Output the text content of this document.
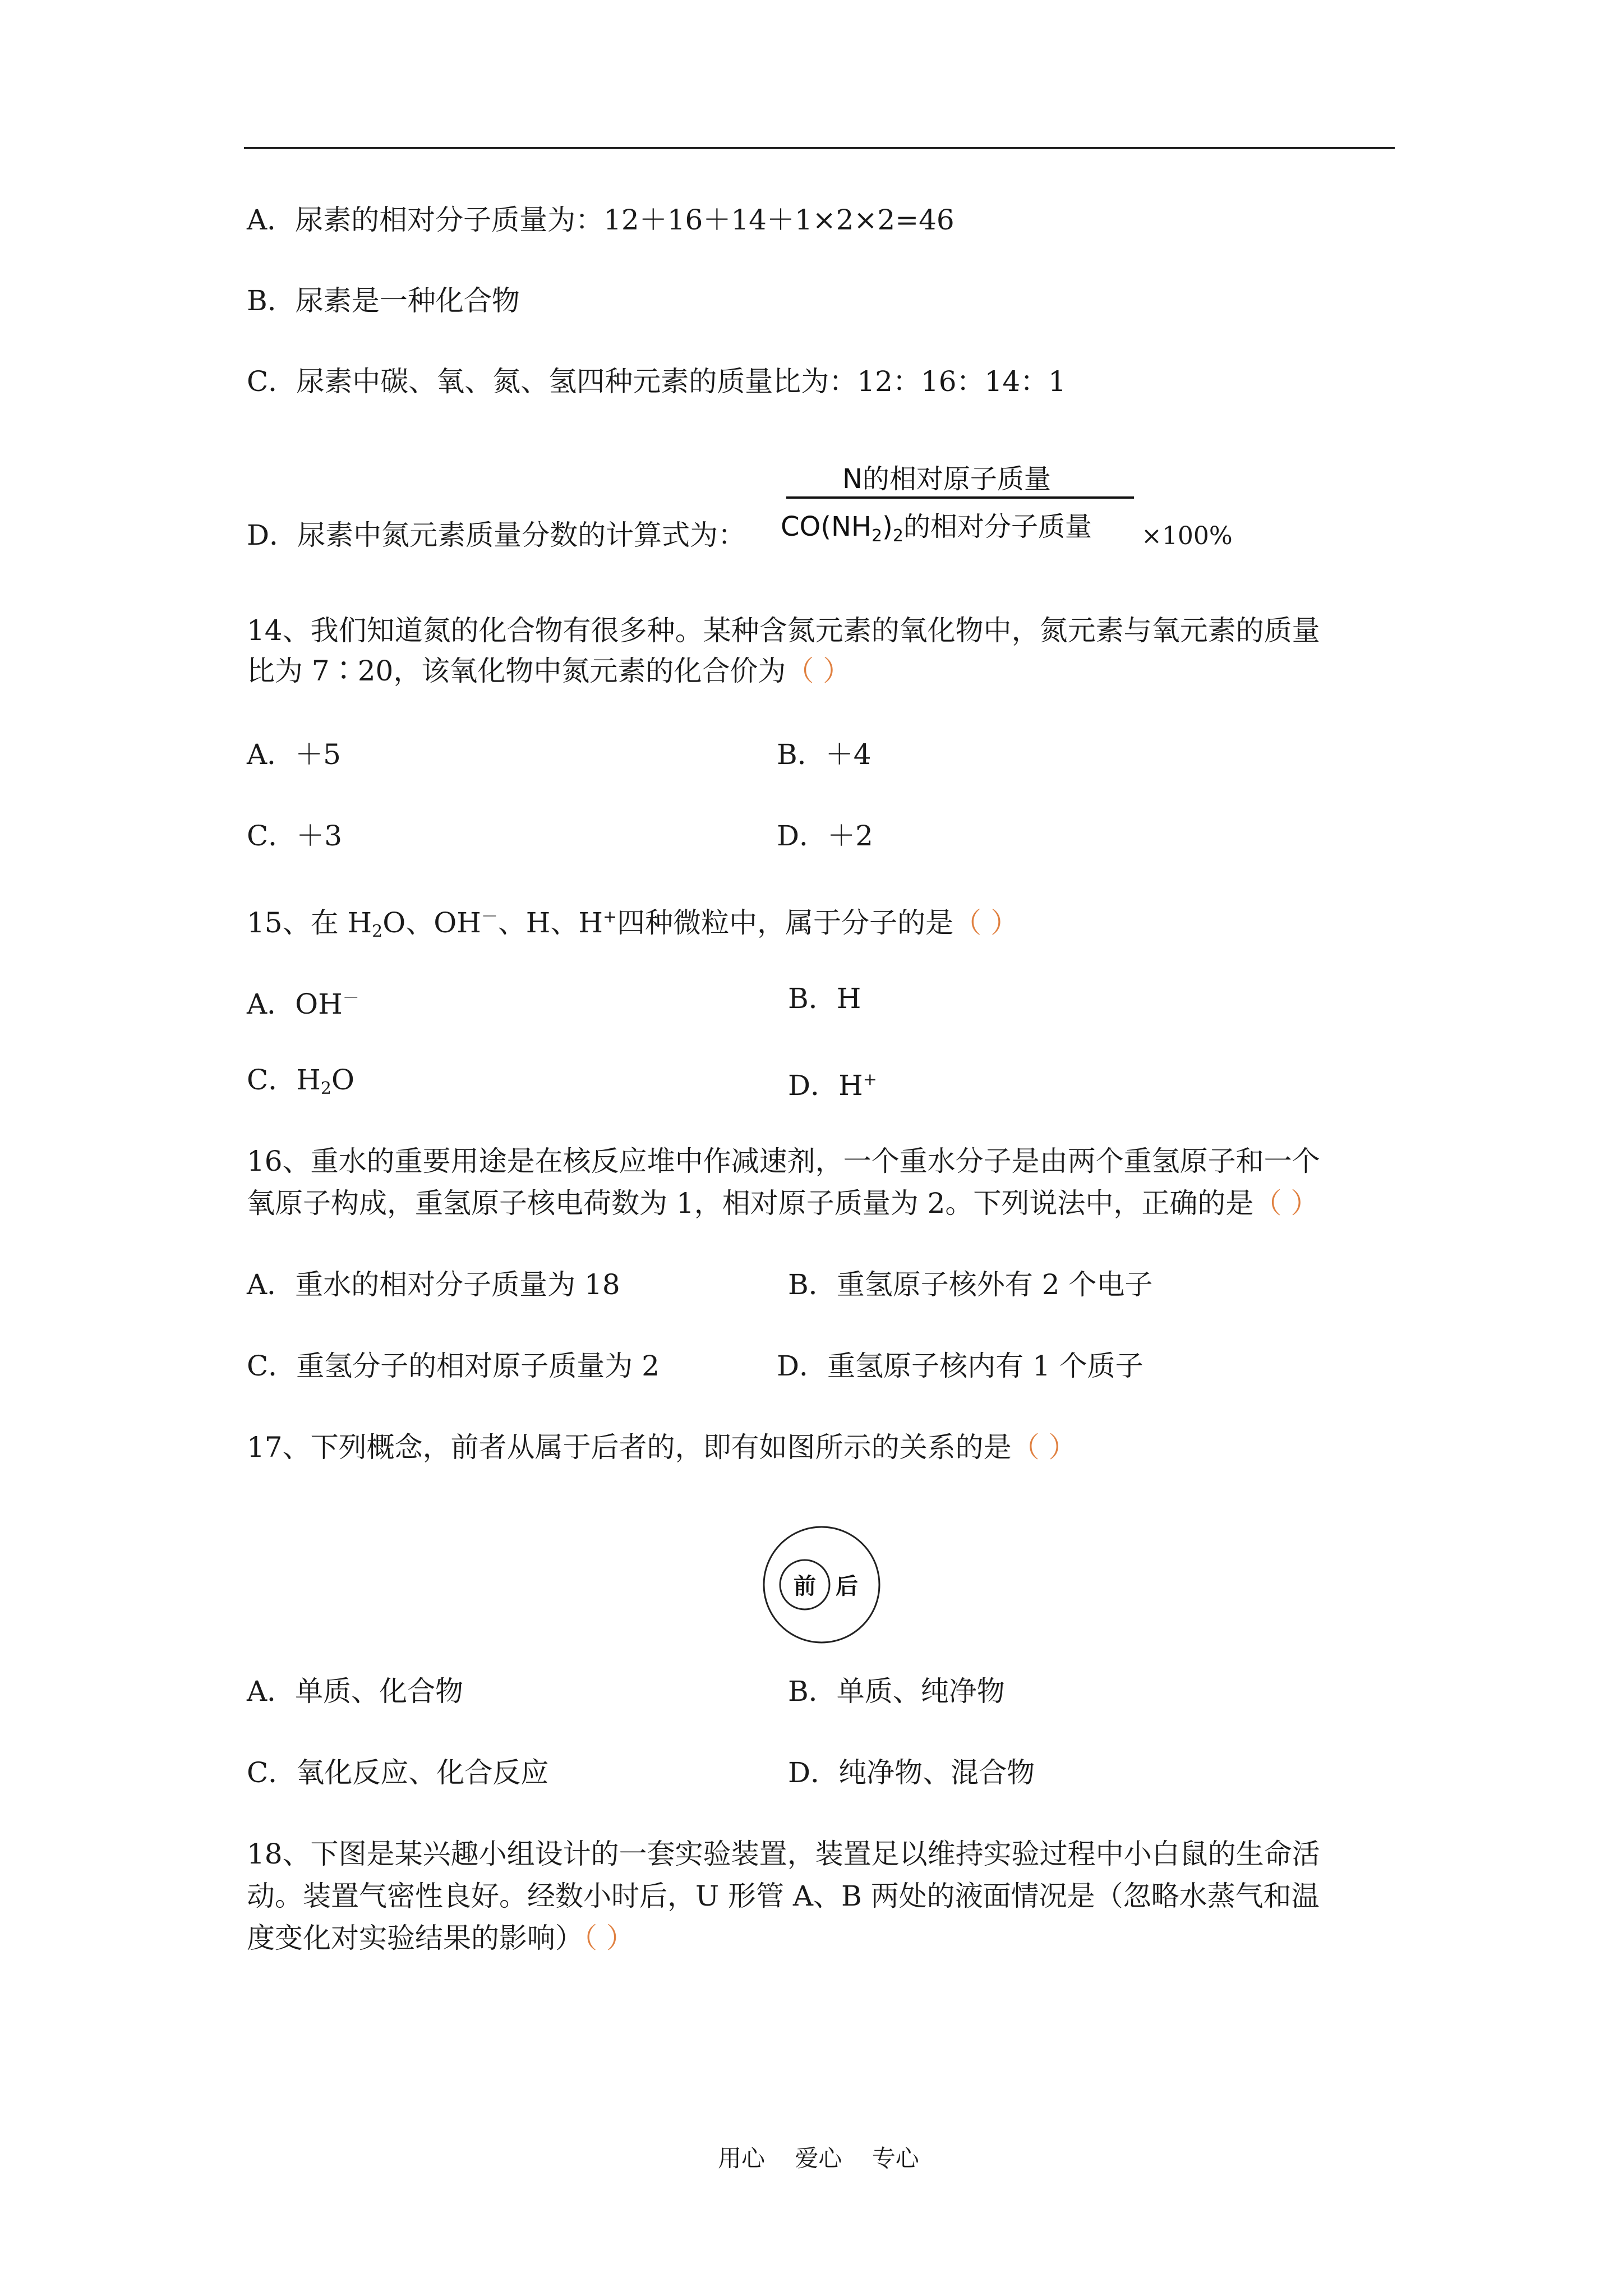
A．尿素的相对分子质量为：12＋16＋14＋1×2×2=46
B．尿素是一种化合物
C．尿素中碳、氧、氮、氢四种元素的质量比为：12：16：14：1
D．尿素中氮元素质量分数的计算式为：
N的相对原子质量
$CO(NH_2)_2$的相对分子质量 ×100%
14、我们知道氮的化合物有很多种。某种含氮元素的氧化物中，氮元素与氧元素的质量
比为 7∶20，该氧化物中氮元素的化合价为（ ）
A．＋5	B．＋4
C．＋3	D．＋2
15、在 $H_2O$、OH－、H、H+四种微粒中，属于分子的是（ ）
A．OH－	B．H
C．$H_2O$	D．H+
16、重水的重要用途是在核反应堆中作减速剂，一个重水分子是由两个重氢原子和一个
氧原子构成，重氢原子核电荷数为 1，相对原子质量为 2。下列说法中，正确的是（ ）
A．重水的相对分子质量为 18	B．重氢原子核外有 2 个电子
C．重氢分子的相对原子质量为 2	D．重氢原子核内有 1 个质子
17、下列概念，前者从属于后者的，即有如图所示的关系的是（ ）
前 后
A．单质、化合物	B．单质、纯净物
C．氧化反应、化合反应	D．纯净物、混合物
18、下图是某兴趣小组设计的一套实验装置，装置足以维持实验过程中小白鼠的生命活
动。装置气密性良好。经数小时后，U 形管 A、B 两处的液面情况是（忽略水蒸气和温
度变化对实验结果的影响）（ ）
用心 爱心 专心
